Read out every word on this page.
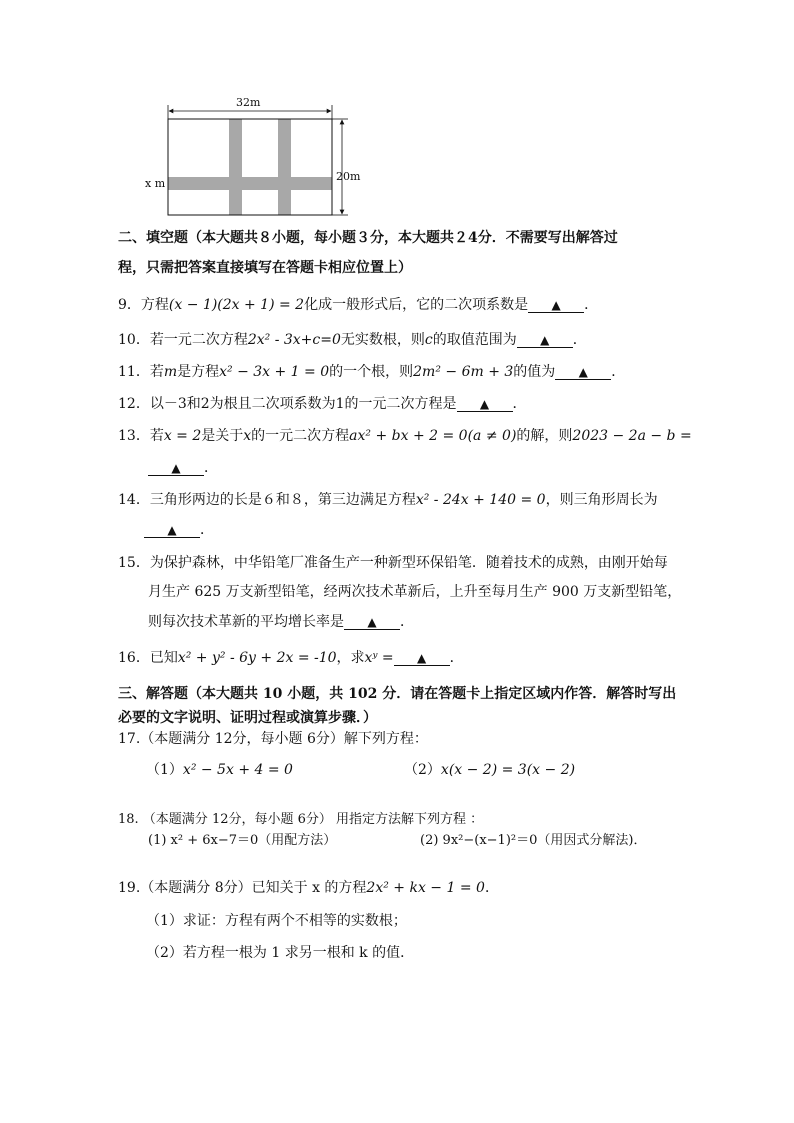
32m
20m
x m
二、填空题（本大题共８小题，每小题３分，本大题共２4分．不需要写出解答过
程，只需把答案直接填写在答题卡相应位置上）
9．方程(x − 1)(2x + 1) = 2化成一般形式后，它的二次项系数是 ▲ ．
10．若一元二次方程2x² - 3x+c=0无实数根，则c的取值范围为 ▲ ．
11．若m是方程x² − 3x + 1 = 0的一个根，则2m² − 6m + 3的值为 ▲ ．
12．以－3和2为根且二次项系数为1的一元二次方程是 ▲ ．
13．若x = 2是关于x的一元二次方程ax² + bx + 2 = 0(a ≠ 0)的解，则2023 − 2a − b =
▲ ．
14．三角形两边的长是６和８，第三边满足方程x² - 24x + 140 = 0，则三角形周长为
▲ ．
15．为保护森林，中华铅笔厂准备生产一种新型环保铅笔．随着技术的成熟，由刚开始每
月生产 625 万支新型铅笔，经两次技术革新后，上升至每月生产 900 万支新型铅笔，
则每次技术革新的平均增长率是 ▲ ．
16．已知x² + y² - 6y + 2x = -10，求xʸ = ▲ ．
三、解答题（本大题共 10 小题，共 102 分．请在答题卡上指定区域内作答．解答时写出
必要的文字说明、证明过程或演算步骤．）
17.（本题满分 12分，每小题 6分）解下列方程：
（1）x² − 5x + 4 = 0	（2）x(x − 2) = 3(x − 2)
18. （本题满分 12分，每小题 6分） 用指定方法解下列方程 ：
(1) x² + 6x−7＝0（用配方法）	(2) 9x²−(x−1)²＝0（用因式分解法)．
19.（本题满分 8分）已知关于 x 的方程2x² + kx − 1 = 0．
（1）求证：方程有两个不相等的实数根；
（2）若方程一根为 1 求另一根和 k 的值．
